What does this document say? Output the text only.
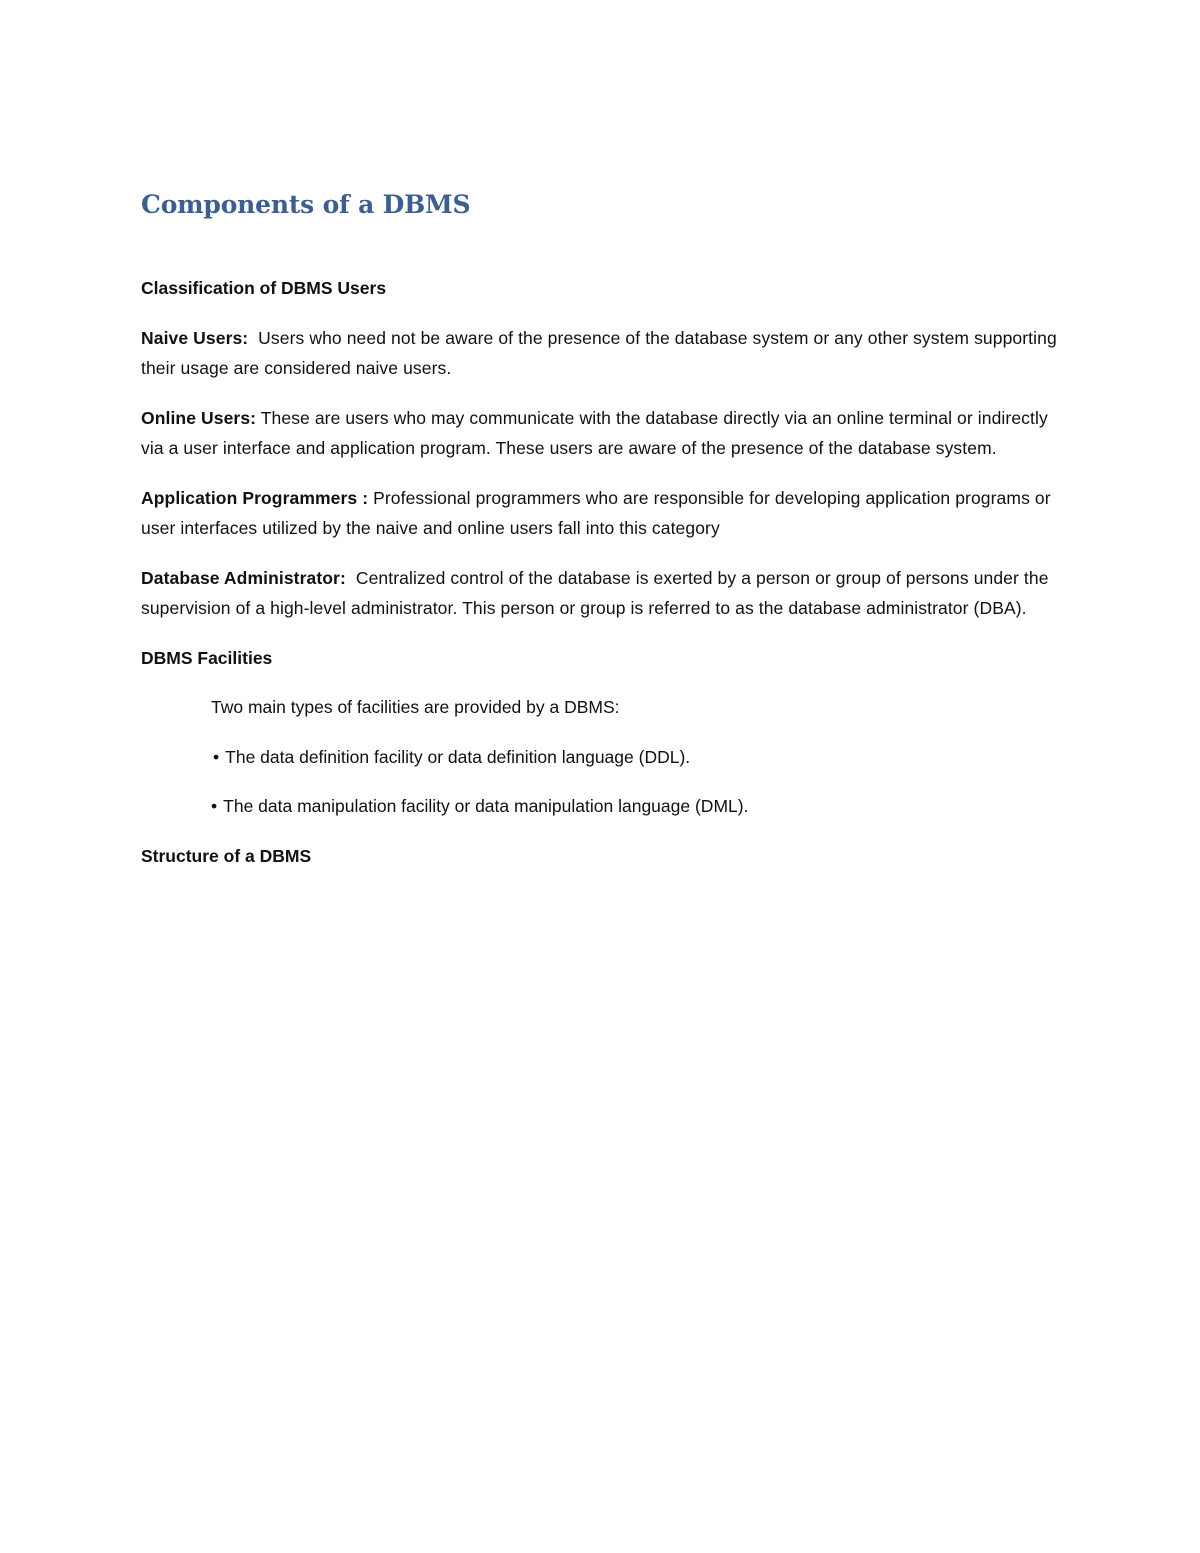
Components of a DBMS
Classification of DBMS Users

Naive Users: Users who need not be aware of the presence of the database system or any other system supporting their usage are considered naive users.

Online Users: These are users who may communicate with the database directly via an online terminal or indirectly via a user interface and application program. These users are aware of the presence of the database system.

Application Programmers : Professional programmers who are responsible for developing application programs or user interfaces utilized by the naive and online users fall into this category

Database Administrator: Centralized control of the database is exerted by a person or group of persons under the supervision of a high-level administrator. This person or group is referred to as the database administrator (DBA).

DBMS Facilities

Two main types of facilities are provided by a DBMS:

• The data definition facility or data definition language (DDL).

• The data manipulation facility or data manipulation language (DML).

Structure of a DBMS
